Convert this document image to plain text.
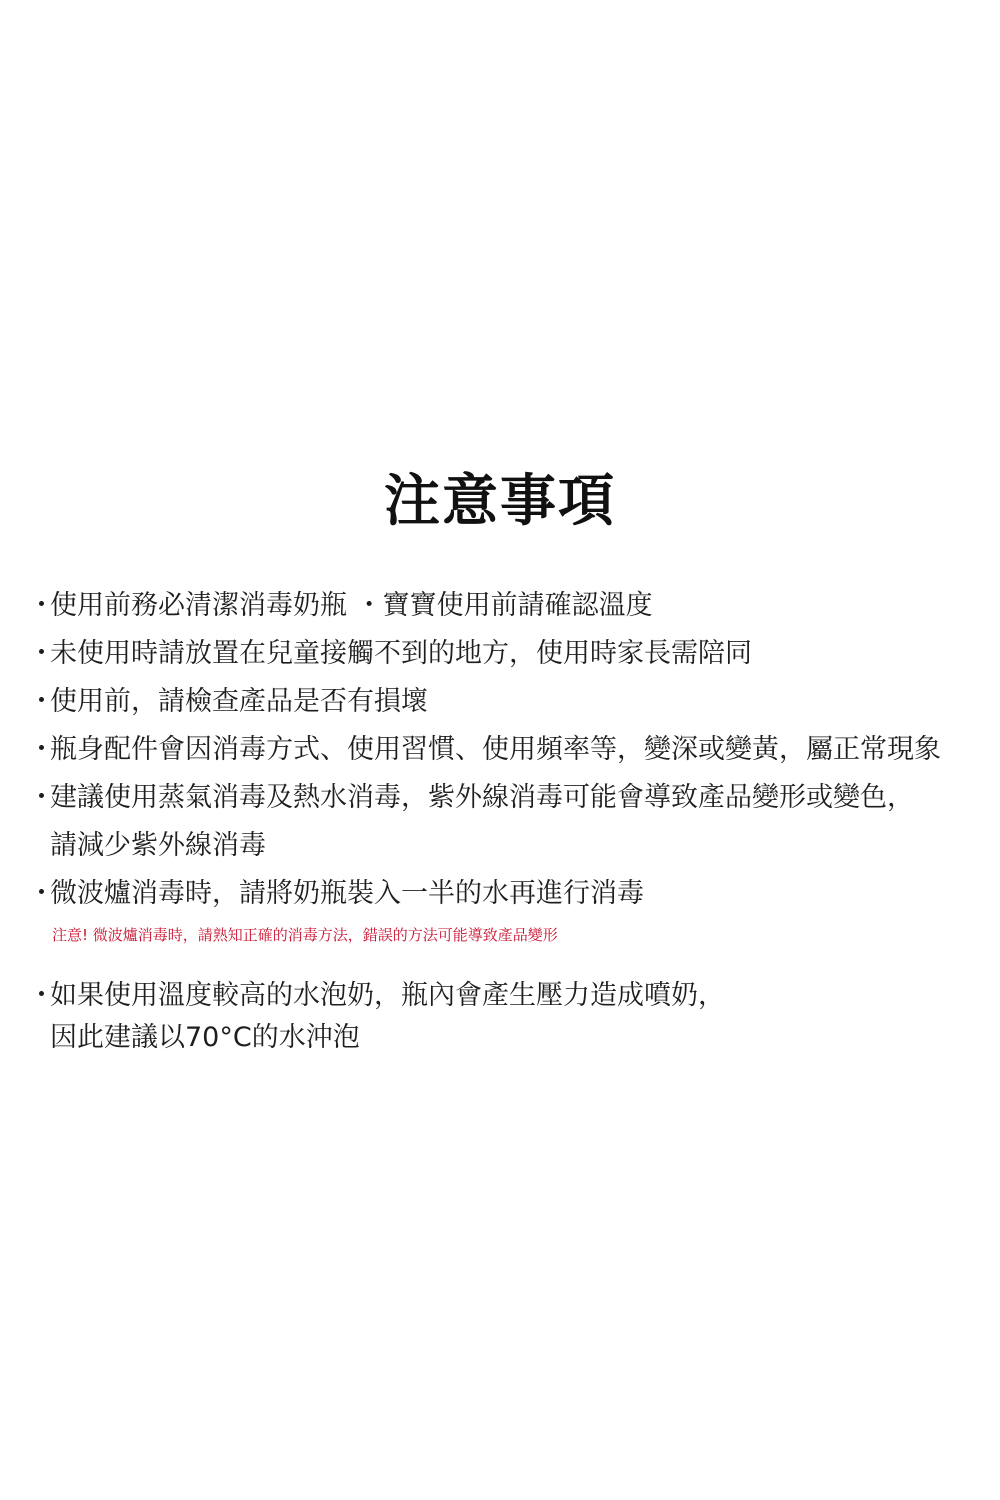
注意事項
・使用前務必清潔消毒奶瓶 ・寶寶使用前請確認溫度
・未使用時請放置在兒童接觸不到的地方，使用時家長需陪同
・使用前，請檢查產品是否有損壞
・瓶身配件會因消毒方式、使用習慣、使用頻率等，變深或變黃，屬正常現象
・建議使用蒸氣消毒及熱水消毒，紫外線消毒可能會導致產品變形或變色，
請減少紫外線消毒
・微波爐消毒時，請將奶瓶裝入一半的水再進行消毒
注意! 微波爐消毒時，請熟知正確的消毒方法，錯誤的方法可能導致產品變形
・如果使用溫度較高的水泡奶，瓶內會產生壓力造成噴奶，
因此建議以70°C的水沖泡
